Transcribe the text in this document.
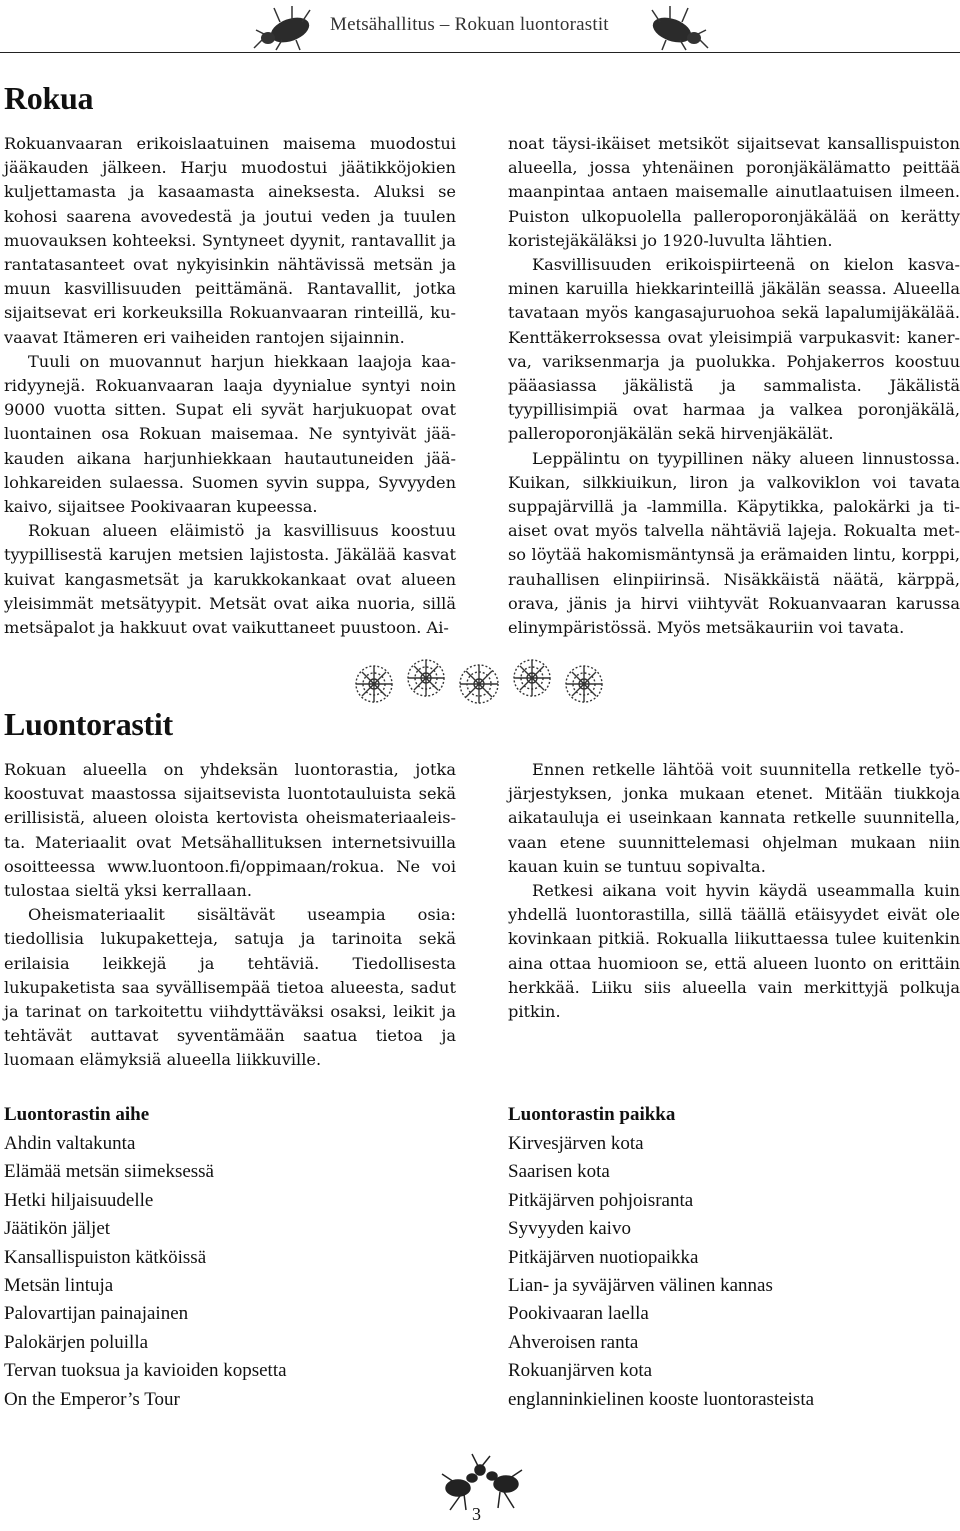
Metsähallitus – Rokuan luontorastit
Rokua

Rokuanvaaran erikoislaatuinen maisema muodostui jääkauden jälkeen. Harju muodostui jäätikköjokien kuljettamasta ja kasaamasta aineksesta. Aluksi se kohosi saarena avovedestä ja joutui veden ja tuulen muovauksen kohteeksi. Syntyneet dyynit, rantavallit ja rantatasanteet ovat nykyisinkin nähtävissä metsän ja muun kasvillisuuden peittämänä. Rantavallit, jotka sijaitsevat eri korkeuksilla Rokuanvaaran rinteillä, kuvaavat Itämeren eri vaiheiden rantojen sijainnin.

Tuuli on muovannut harjun hiekkaan laajoja kaaridyynejä. Rokuanvaaran laaja dyynialue syntyi noin 9000 vuotta sitten. Supat eli syvät harjukuopat ovat luontainen osa Rokuan maisemaa. Ne syntyivät jääkauden aikana harjunhiekkaan hautautuneiden jäälohkareiden sulaessa. Suomen syvin suppa, Syvyyden kaivo, sijaitsee Pookivaaran kupeessa.

Rokuan alueen eläimistö ja kasvillisuus koostuu tyypillisestä karujen metsien lajistosta. Jäkälää kasvat kuivat kangasmetsät ja karukkokankaat ovat alueen yleisimmät metsätyypit. Metsät ovat aika nuoria, sillä metsäpalot ja hakkuut ovat vaikuttaneet puustoon. Ai-

noat täysi-ikäiset metsiköt sijaitsevat kansallispuiston alueella, jossa yhtenäinen poronjäkälämatto peittää maanpintaa antaen maisemalle ainutlaatuisen ilmeen. Puiston ulkopuolella palleroporonjäkälää on kerätty koristejäkäläksi jo 1920-luvulta lähtien.

Kasvillisuuden erikoispiirteenä on kielon kasvaminen karuilla hiekkarinteillä jäkälän seassa. Alueella tavataan myös kangasajuruohoa sekä lapalumijäkälää. Kenttäkerroksessa ovat yleisimpiä varpukasvit: kanerva, variksenmarja ja puolukka. Pohjakerros koostuu pääasiassa jäkälistä ja sammalista. Jäkälistä tyypillisimpiä ovat harmaa ja valkea poronjäkälä, palleroporonjäkälän sekä hirvenjäkälät.

Leppälintu on tyypillinen näky alueen linnustossa. Kuikan, silkkiuikun, liron ja valkoviklon voi tavata suppajärvillä ja -lammilla. Käpytikka, palokärki ja tiaiset ovat myös talvella nähtäviä lajeja. Rokualta metso löytää hakomismäntynsä ja erämaiden lintu, korppi, rauhallisen elinpiirinsä. Nisäkkäistä näätä, kärppä, orava, jänis ja hirvi viihtyvät Rokuanvaaran karussa elinympäristössä. Myös metsäkauriin voi tavata.

Luontorastit

Rokuan alueella on yhdeksän luontorastia, jotka koostuvat maastossa sijaitsevista luontotauluista sekä erillisistä, alueen oloista kertovista oheismateriaaleista. Materiaalit ovat Metsähallituksen internetsivuilla osoitteessa www.luontoon.fi/oppimaan/rokua. Ne voi tulostaa sieltä yksi kerrallaan.

Oheismateriaalit sisältävät useampia osia: tiedollisia lukupaketteja, satuja ja tarinoita sekä erilaisia leikkejä ja tehtäviä. Tiedollisesta lukupaketista saa syvällisempää tietoa alueesta, sadut ja tarinat on tarkoitettu viihdyttäväksi osaksi, leikit ja tehtävät auttavat syventämään saatua tietoa ja luomaan elämyksiä alueella liikkuville.

Ennen retkelle lähtöä voit suunnitella retkelle työjärjestyksen, jonka mukaan etenet. Mitään tiukkoja aikatauluja ei useinkaan kannata retkelle suunnitella, vaan etene suunnittelemasi ohjelman mukaan niin kauan kuin se tuntuu sopivalta.

Retkesi aikana voit hyvin käydä useammalla kuin yhdellä luontorastilla, sillä täällä etäisyydet eivät ole kovinkaan pitkiä. Rokualla liikuttaessa tulee kuitenkin aina ottaa huomioon se, että alueen luonto on erittäin herkkää. Liiku siis alueella vain merkittyjä polkuja pitkin.

Luontorastin aihe
Ahdin valtakunta
Elämää metsän siimeksessä
Hetki hiljaisuudelle
Jäätikön jäljet
Kansallispuiston kätköissä
Metsän lintuja
Palovartijan painajainen
Palokärjen poluilla
Tervan tuoksua ja kavioiden kopsetta
On the Emperor’s Tour
Luontorastin paikka
Kirvesjärven kota
Saarisen kota
Pitkäjärven pohjoisranta
Syvyyden kaivo
Pitkäjärven nuotiopaikka
Lian- ja syväjärven välinen kannas
Pookivaaran laella
Ahveroisen ranta
Rokuanjärven kota
englanninkielinen kooste luontorasteista
3
